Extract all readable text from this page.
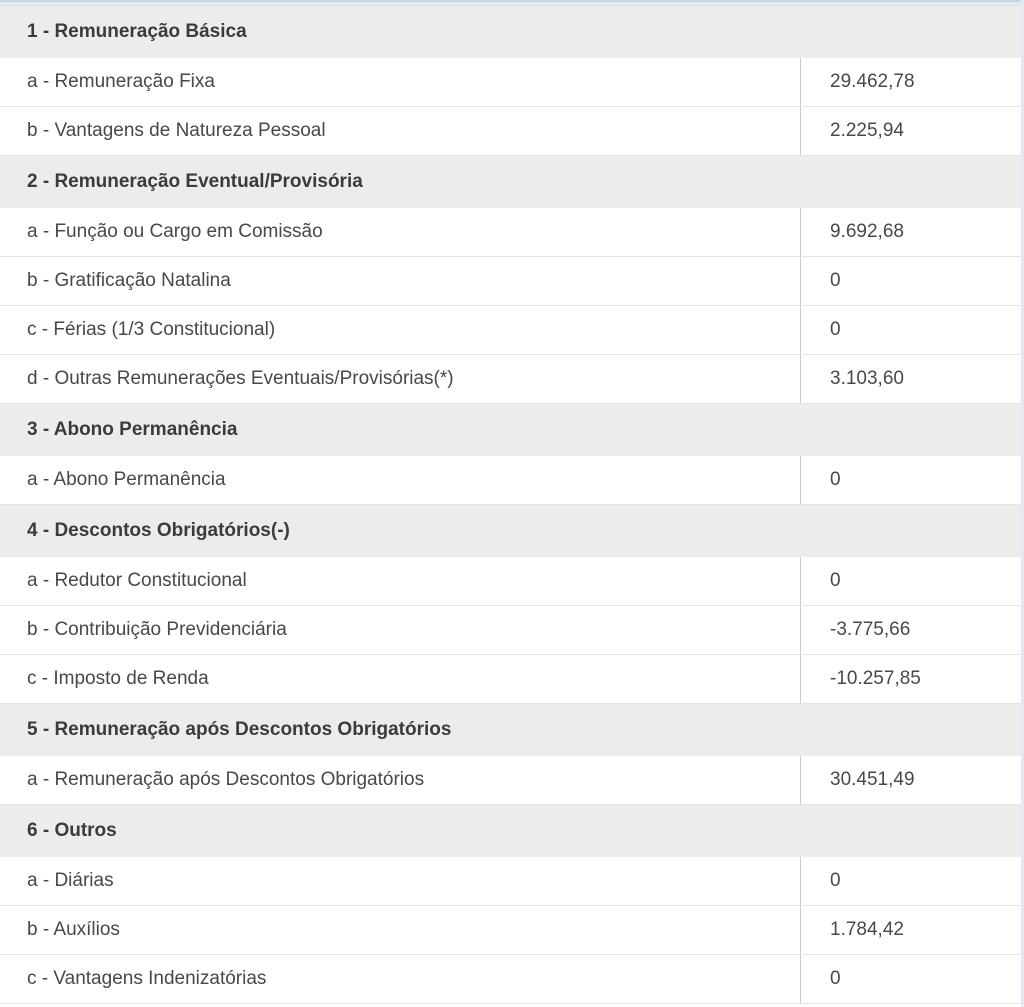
1 - Remuneração Básica
a - Remuneração Fixa	29.462,78
b - Vantagens de Natureza Pessoal	2.225,94
2 - Remuneração Eventual/Provisória
a - Função ou Cargo em Comissão	9.692,68
b - Gratificação Natalina	0
c - Férias (1/3 Constitucional)	0
d - Outras Remunerações Eventuais/Provisórias(*)	3.103,60
3 - Abono Permanência
a - Abono Permanência	0
4 - Descontos Obrigatórios(-)
a - Redutor Constitucional	0
b - Contribuição Previdenciária	-3.775,66
c - Imposto de Renda	-10.257,85
5 - Remuneração após Descontos Obrigatórios
a - Remuneração após Descontos Obrigatórios	30.451,49
6 - Outros
a - Diárias	0
b - Auxílios	1.784,42
c - Vantagens Indenizatórias	0
